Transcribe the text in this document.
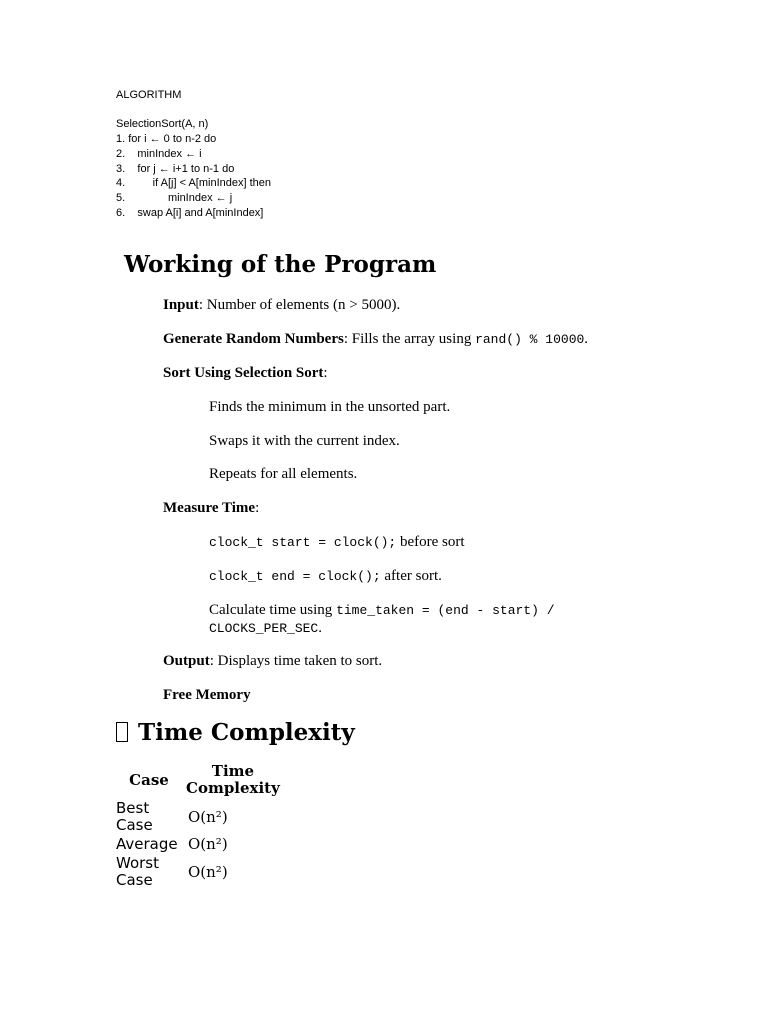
ALGORITHM
SelectionSort(A, n)
1. for i ← 0 to n-2 do
2.    minIndex ← i
3.    for j ← i+1 to n-1 do
4.         if A[j] < A[minIndex] then
5.              minIndex ← j
6.    swap A[i] and A[minIndex]
Working of the Program
Input: Number of elements (n > 5000).
Generate Random Numbers: Fills the array using rand() % 10000.
Sort Using Selection Sort:
Finds the minimum in the unsorted part.
Swaps it with the current index.
Repeats for all elements.
Measure Time:
clock_t start = clock(); before sort
clock_t end = clock(); after sort.
Calculate time using time_taken = (end - start) /
CLOCKS_PER_SEC.
Output: Displays time taken to sort.
Free Memory
Time Complexity
Case	Time
Complexity
Best
Case	O(n²)
Average	O(n²)
Worst
Case	O(n²)
